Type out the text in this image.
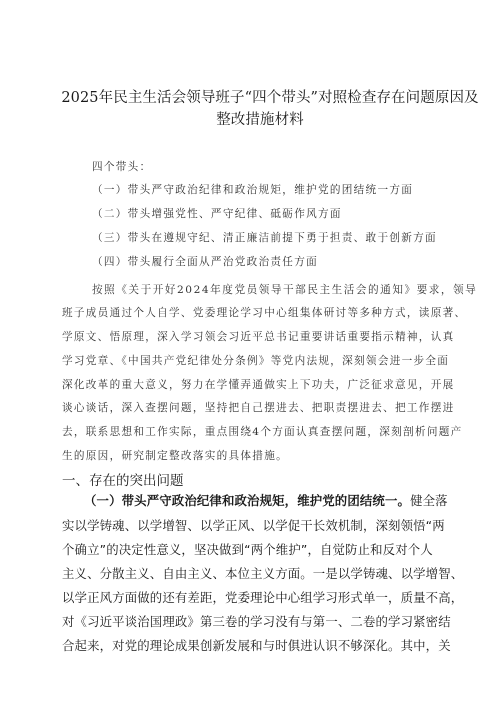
2025年民主生活会领导班子“四个带头”对照检查存在问题原因及
整改措施材料
四个带头：
（一）带头严守政治纪律和政治规矩，维护党的团结统一方面
（二）带头增强党性、严守纪律、砥砺作风方面
（三）带头在遵规守纪、清正廉洁前提下勇于担责、敢于创新方面
（四）带头履行全面从严治党政治责任方面
按照《关于开好2024年度党员领导干部民主生活会的通知》要求，领导
班子成员通过个人自学、党委理论学习中心组集体研讨等多种方式，读原著、
学原文、悟原理，深入学习领会习近平总书记重要讲话重要指示精神，认真
学习党章、《中国共产党纪律处分条例》等党内法规，深刻领会进一步全面
深化改革的重大意义，努力在学懂弄通做实上下功夫，广泛征求意见，开展
谈心谈话，深入查摆问题，坚持把自己摆进去、把职责摆进去、把工作摆进
去，联系思想和工作实际，重点围绕4个方面认真查摆问题，深刻剖析问题产
生的原因，研究制定整改落实的具体措施。
一、存在的突出问题
（一）带头严守政治纪律和政治规矩，维护党的团结统一。健全落
实以学铸魂、以学增智、以学正风、以学促干长效机制，深刻领悟“两
个确立”的决定性意义，坚决做到“两个维护”，自觉防止和反对个人
主义、分散主义、自由主义、本位主义方面。一是以学铸魂、以学增智、
以学正风方面做的还有差距，党委理论中心组学习形式单一，质量不高，
对《习近平谈治国理政》第三卷的学习没有与第一、二卷的学习紧密结
合起来，对党的理论成果创新发展和与时俱进认识不够深化。其中，关
